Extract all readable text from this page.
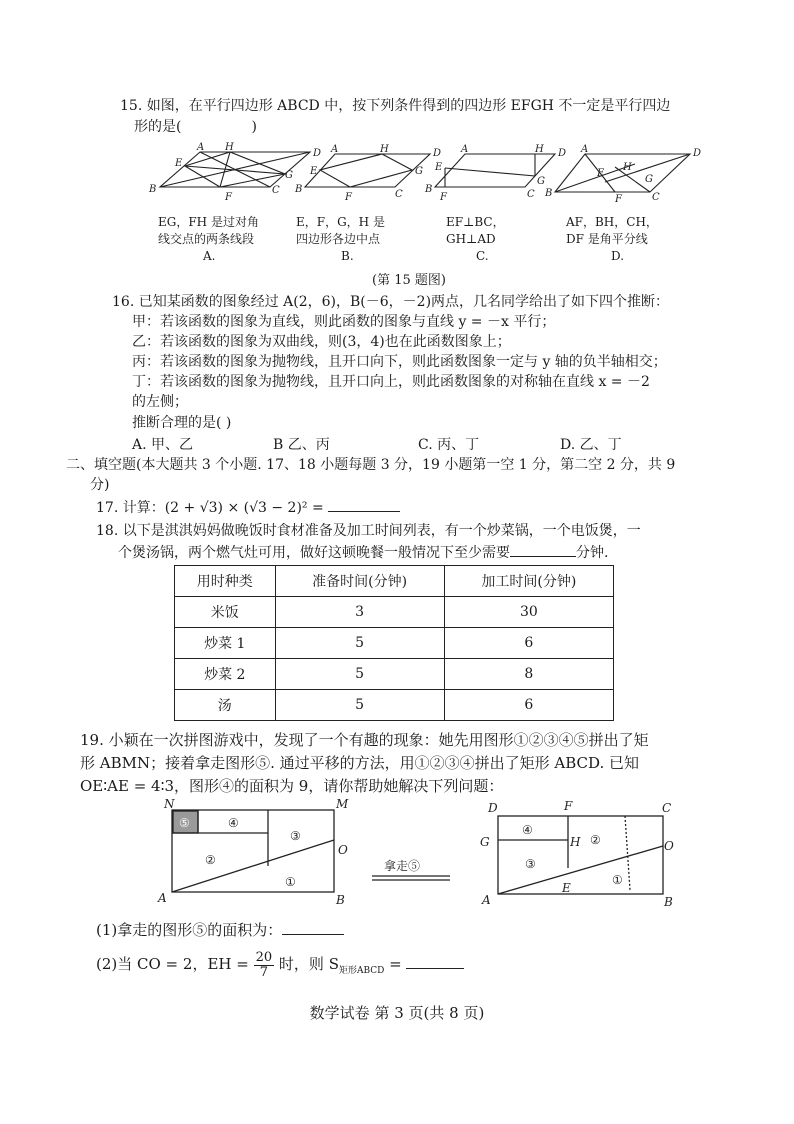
15. 如图，在平行四边形 ABCD 中，按下列条件得到的四边形 EFGH 不一定是平行四边
形的是(	)
A H
D
E
G
B
F
C
A	H	D
E	G
B
F	C
A	H D
E
G
B
F	C
A	D
E
H
G
B
F	C
EG，FH 是过对角
线交点的两条线段
A.
E，F，G，H 是
四边形各边中点
B.
EF⊥BC，
GH⊥AD
C.
AF，BH，CH，
DF 是角平分线
D.
(第 15 题图)
16. 已知某函数的图象经过 A(2，6)，B(－6，－2)两点，几名同学给出了如下四个推断：
甲：若该函数的图象为直线，则此函数的图象与直线 y = －x 平行；
乙：若该函数的图象为双曲线，则(3，4)也在此函数图象上；
丙：若该函数的图象为抛物线，且开口向下，则此函数图象一定与 y 轴的负半轴相交；
丁：若该函数的图象为抛物线，且开口向上，则此函数图象的对称轴在直线 x = －2
的左侧；
推断合理的是( )
A. 甲、乙	B 乙、丙	C. 丙、丁	D. 乙、丁
二、填空题(本大题共 3 个小题. 17、18 小题每题 3 分，19 小题第一空 1 分，第二空 2 分，共 9
分)
17. 计算：(2 + √3) × (√3 − 2)² =
18. 以下是淇淇妈妈做晚饭时食材准备及加工时间列表，有一个炒菜锅，一个电饭煲，一
个煲汤锅，两个燃气灶可用，做好这顿晚餐一般情况下至少需要	分钟.
用时种类	准备时间(分钟)	加工时间(分钟)
米饭	3	30
炒菜 1	5	6
炒菜 2	5	8
汤	5	6
19. 小颖在一次拼图游戏中，发现了一个有趣的现象：她先用图形①②③④⑤拼出了矩
形 ABMN；接着拿走图形⑤. 通过平移的方法，用①②③④拼出了矩形 ABCD. 已知
OE∶AE = 4∶3，图形④的面积为 9，请你帮助她解决下列问题：
N	M
O
A	B
⑤	④
③
②
①
拿走⑤
D	F	C
G	H	O
A
E
B
④
②
③
①
(1)拿走的图形⑤的面积为：
(2)当 CO = 2，EH = $\frac{20}{7}$ 时，则 $S_{矩形ABCD}$ =
数学试卷 第 3 页(共 8 页)
